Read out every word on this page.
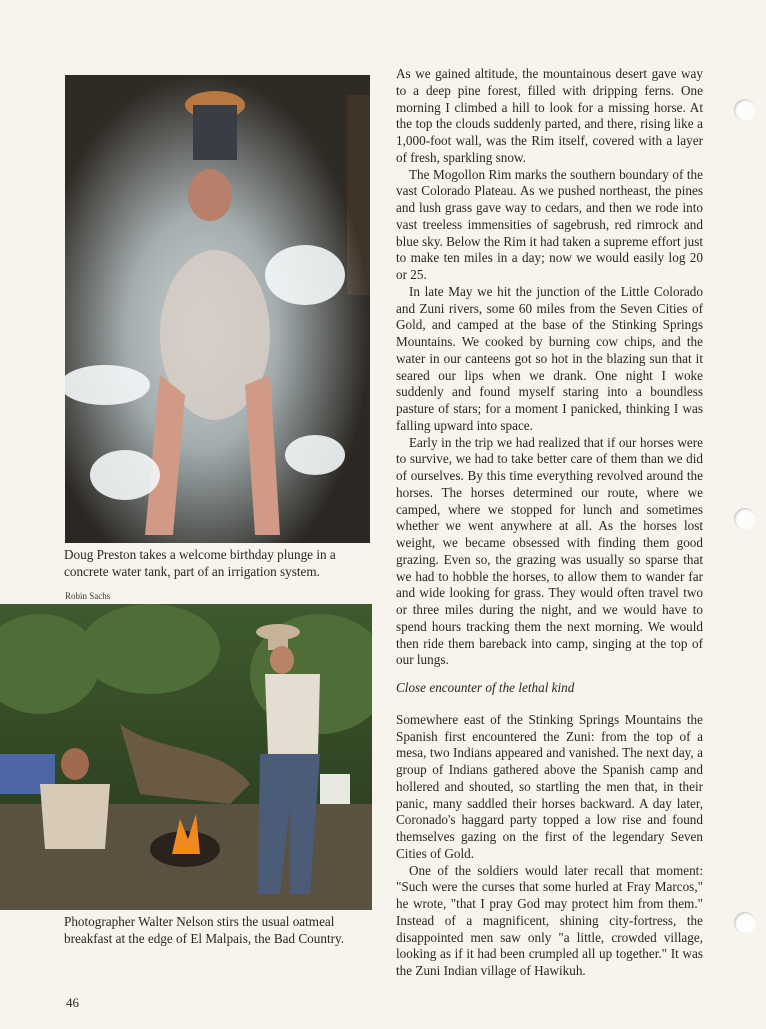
Doug Preston takes a welcome birthday plunge in a concrete water tank, part of an irrigation system.
Robin Sachs
Photographer Walter Nelson stirs the usual oatmeal breakfast at the edge of El Malpais, the Bad Country.

As we gained altitude, the mountainous desert gave way to a deep pine forest, filled with dripping ferns. One morning I climbed a hill to look for a missing horse. At the top the clouds suddenly parted, and there, rising like a 1,000-foot wall, was the Rim itself, covered with a layer of fresh, sparkling snow.

The Mogollon Rim marks the southern boundary of the vast Colorado Plateau. As we pushed northeast, the pines and lush grass gave way to cedars, and then we rode into vast treeless immensities of sagebrush, red rimrock and blue sky. Below the Rim it had taken a supreme effort just to make ten miles in a day; now we would easily log 20 or 25.

In late May we hit the junction of the Little Colorado and Zuni rivers, some 60 miles from the Seven Cities of Gold, and camped at the base of the Stinking Springs Mountains. We cooked by burning cow chips, and the water in our canteens got so hot in the blazing sun that it seared our lips when we drank. One night I woke suddenly and found myself staring into a boundless pasture of stars; for a moment I panicked, thinking I was falling upward into space.

Early in the trip we had realized that if our horses were to survive, we had to take better care of them than we did of ourselves. By this time everything revolved around the horses. The horses determined our route, where we camped, where we stopped for lunch and sometimes whether we went anywhere at all. As the horses lost weight, we became obsessed with finding them good grazing. Even so, the grazing was usually so sparse that we had to hobble the horses, to allow them to wander far and wide looking for grass. They would often travel two or three miles during the night, and we would have to spend hours tracking them the next morning. We would then ride them bareback into camp, singing at the top of our lungs.

Close encounter of the lethal kind

Somewhere east of the Stinking Springs Mountains the Spanish first encountered the Zuni: from the top of a mesa, two Indians appeared and vanished. The next day, a group of Indians gathered above the Spanish camp and hollered and shouted, so startling the men that, in their panic, many saddled their horses backward. A day later, Coronado's haggard party topped a low rise and found themselves gazing on the first of the legendary Seven Cities of Gold.

One of the soldiers would later recall that moment: "Such were the curses that some hurled at Fray Marcos," he wrote, "that I pray God may protect him from them." Instead of a magnificent, shining city-fortress, the disappointed men saw only "a little, crowded village, looking as if it had been crumpled all up together." It was the Zuni Indian village of Hawikuh.

46
